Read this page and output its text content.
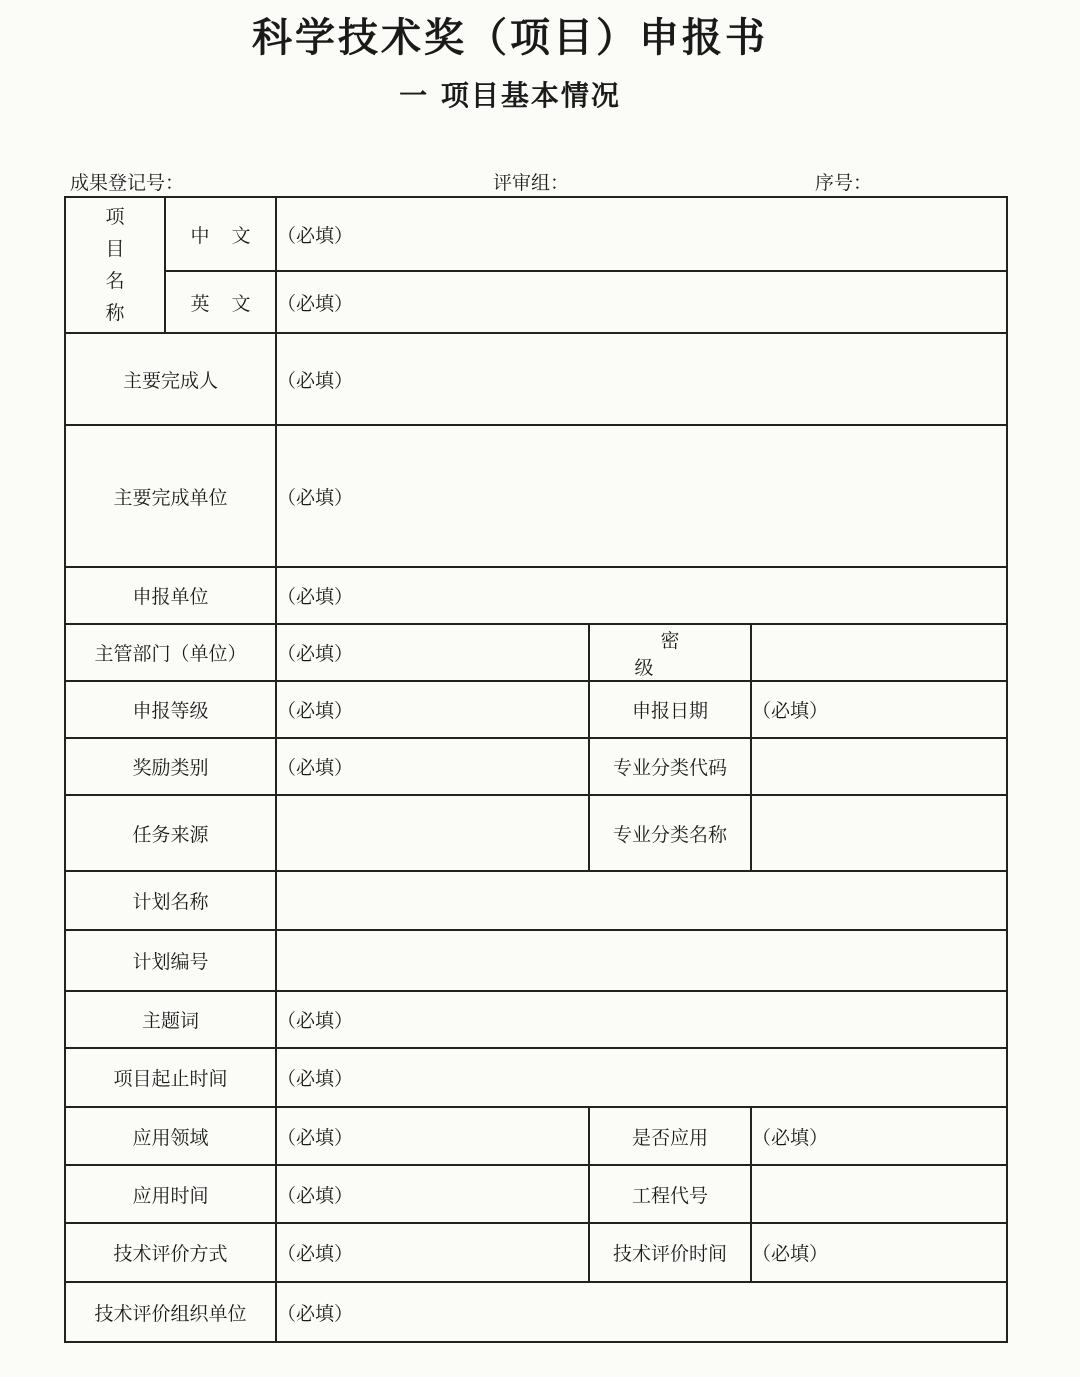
科学技术奖（项目）申报书
一 项目基本情况
成果登记号：	评审组：	序号：
项
目
名
称	中文	（必填）		
	英文	（必填）		
主要完成人		（必填）		
主要完成单位		（必填）		
申报单位		（必填）		
主管部门（单位）		（必填）	密级	
申报等级		（必填）	申报日期	（必填）
奖励类别		（必填）	专业分类代码	
任务来源			专业分类名称	
计划名称				
计划编号				
主题词		（必填）		
项目起止时间		（必填）		
应用领域		（必填）	是否应用	（必填）
应用时间		（必填）	工程代号	
技术评价方式		（必填）	技术评价时间	（必填）
技术评价组织单位		（必填）		
